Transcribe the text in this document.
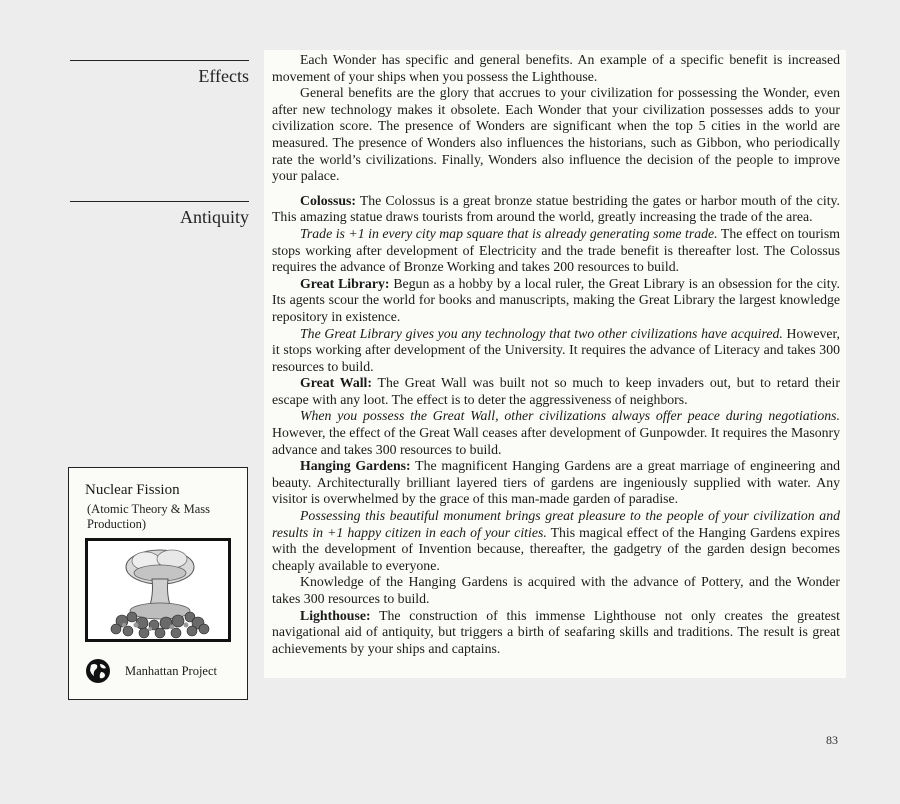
Effects
Antiquity

Each Wonder has specific and general benefits. An example of a specific benefit is increased movement of your ships when you possess the Lighthouse.

General benefits are the glory that accrues to your civilization for possessing the Wonder, even after new technology makes it obsolete. Each Wonder that your civilization possesses adds to your civilization score. The presence of Wonders are significant when the top 5 cities in the world are measured. The presence of Wonders also influences the historians, such as Gibbon, who periodically rate the world’s civilizations. Finally, Wonders also influence the decision of the people to improve your palace.

Colossus: The Colossus is a great bronze statue bestriding the gates or harbor mouth of the city. This amazing statue draws tourists from around the world, greatly increasing the trade of the area.

Trade is +1 in every city map square that is already generating some trade. The effect on tourism stops working after development of Electricity and the trade benefit is thereafter lost. The Colossus requires the advance of Bronze Working and takes 200 resources to build.

Great Library: Begun as a hobby by a local ruler, the Great Library is an obsession for the city. Its agents scour the world for books and manuscripts, making the Great Library the largest knowledge repository in existence.

The Great Library gives you any technology that two other civilizations have acquired. However, it stops working after development of the University. It requires the advance of Literacy and takes 300 resources to build.

Great Wall: The Great Wall was built not so much to keep invaders out, but to retard their escape with any loot. The effect is to deter the aggressiveness of neighbors.

When you possess the Great Wall, other civilizations always offer peace during negotiations. However, the effect of the Great Wall ceases after development of Gunpowder. It requires the Masonry advance and takes 300 resources to build.

Hanging Gardens: The magnificent Hanging Gardens are a great marriage of engineering and beauty. Architecturally brilliant layered tiers of gardens are ingeniously supplied with water. Any visitor is overwhelmed by the grace of this man-made garden of paradise.

Possessing this beautiful monument brings great pleasure to the people of your civilization and results in +1 happy citizen in each of your cities. This magical effect of the Hanging Gardens expires with the development of Invention because, thereafter, the gadgetry of the garden design becomes cheaply available to everyone.

Knowledge of the Hanging Gardens is acquired with the advance of Pottery, and the Wonder takes 300 resources to build.

Lighthouse: The construction of this immense Lighthouse not only creates the greatest navigational aid of antiquity, but triggers a birth of seafaring skills and traditions. The result is great achievements by your ships and captains.

Nuclear Fission
(Atomic Theory & Mass Production)
Manhattan Project
83
